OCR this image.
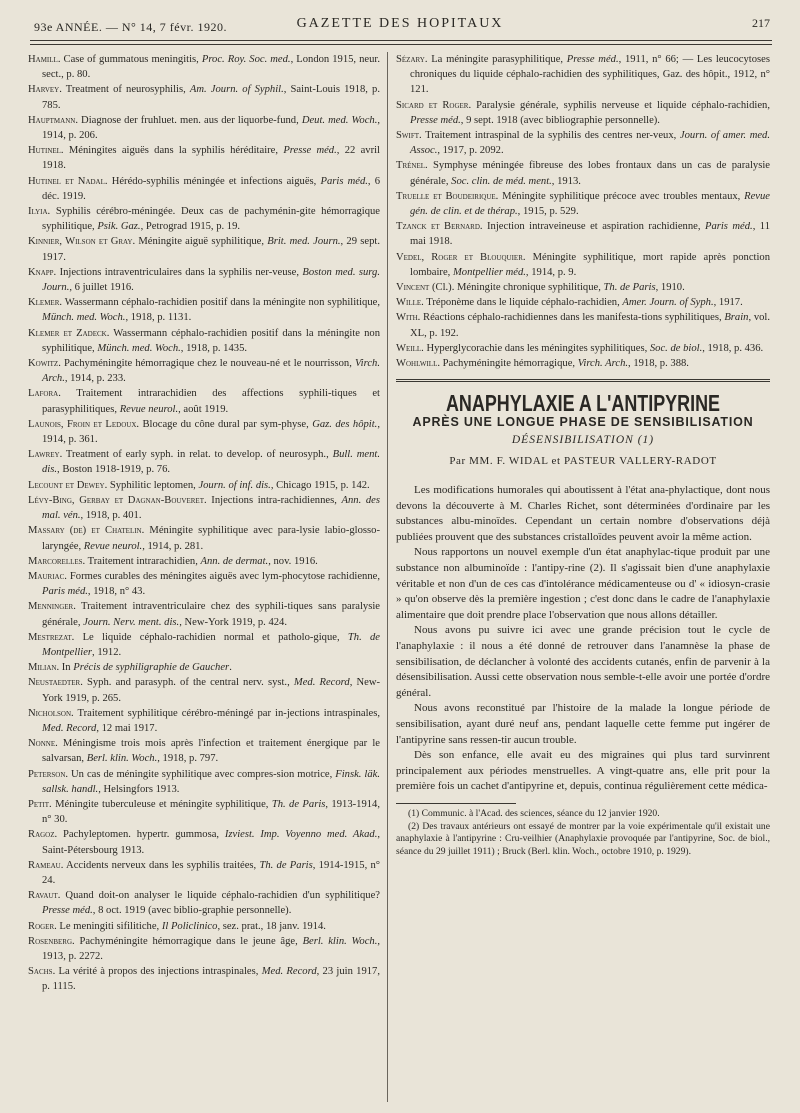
93e ANNÉE. — N° 14, 7 févr. 1920.	GAZETTE DES HOPITAUX	217

Hamill. Case of gummatous meningitis, Proc. Roy. Soc. med., London 1915, neur. sect., p. 80.

Harvey. Treatment of neurosyphilis, Am. Journ. of Syphil., Saint-Louis 1918, p. 785.

Hauptmann. Diagnose der fruhluet. men. aus der liquorbe-fund, Deut. med. Woch., 1914, p. 206.

Hutinel. Méningites aiguës dans la syphilis héréditaire, Presse méd., 22 avril 1918.

Hutinel et Nadal. Hérédo-syphilis méningée et infections aiguës, Paris méd., 6 déc. 1919.

Ilyia. Syphilis cérébro-méningée. Deux cas de pachyménin-gite hémorragique syphilitique, Psik. Gaz., Petrograd 1915, p. 19.

Kinnier, Wilson et Gray. Méningite aiguë syphilitique, Brit. med. Journ., 29 sept. 1917.

Knapp. Injections intraventriculaires dans la syphilis ner-veuse, Boston med. surg. Journ., 6 juillet 1916.

Klemer. Wassermann céphalo-rachidien positif dans la méningite non syphilitique, Münch. med. Woch., 1918, p. 1131.

Klemer et Zadeck. Wassermann céphalo-rachidien positif dans la méningite non syphilitique, Münch. med. Woch., 1918, p. 1435.

Kowitz. Pachyméningite hémorragique chez le nouveau-né et le nourrisson, Virch. Arch., 1914, p. 233.

Lafora. Traitement intrarachidien des affections syphili-tiques et parasyphilitiques, Revue neurol., août 1919.

Launois, Froin et Ledoux. Blocage du cône dural par sym-physe, Gaz. des hôpit., 1914, p. 361.

Lawrey. Treatment of early syph. in relat. to develop. of neurosyph., Bull. ment. dis., Boston 1918-1919, p. 76.

Lecount et Dewey. Syphilitic leptomen, Journ. of inf. dis., Chicago 1915, p. 142.

Lévy-Bing, Gerbay et Dagnan-Bouveret. Injections intra-rachidiennes, Ann. des mal. vén., 1918, p. 401.

Massary (de) et Chatelin. Méningite syphilitique avec para-lysie labio-glosso-laryngée, Revue neurol., 1914, p. 281.

Marcorelles. Traitement intrarachidien, Ann. de dermat., nov. 1916.

Mauriac. Formes curables des méningites aiguës avec lym-phocytose rachidienne, Paris méd., 1918, n° 43.

Menninger. Traitement intraventriculaire chez des syphili-tiques sans paralysie générale, Journ. Nerv. ment. dis., New-York 1919, p. 424.

Mestrezat. Le liquide céphalo-rachidien normal et patholo-gique, Th. de Montpellier, 1912.

Milian. In Précis de syphiligraphie de Gaucher.

Neustaedter. Syph. and parasyph. of the central nerv. syst., Med. Record, New-York 1919, p. 265.

Nicholson. Traitement syphilitique cérébro-méningé par in-jections intraspinales, Med. Record, 12 mai 1917.

Nonne. Méningisme trois mois après l'infection et traitement énergique par le salvarsan, Berl. klin. Woch., 1918, p. 797.

Peterson. Un cas de méningite syphilitique avec compres-sion motrice, Finsk. läk. sallsk. handl., Helsingfors 1913.

Petit. Méningite tuberculeuse et méningite syphilitique, Th. de Paris, 1913-1914, n° 30.

Ragoz. Pachyleptomen. hypertr. gummosa, Izviest. Imp. Voyenno med. Akad., Saint-Pétersbourg 1913.

Rameau. Accidents nerveux dans les syphilis traitées, Th. de Paris, 1914-1915, n° 24.

Ravaut. Quand doit-on analyser le liquide céphalo-rachidien d'un syphilitique? Presse méd., 8 oct. 1919 (avec biblio-graphie personnelle).

Roger. Le meningiti sifilitiche, Il Policlinico, sez. prat., 18 janv. 1914.

Rosenberg. Pachyméningite hémorragique dans le jeune âge, Berl. klin. Woch., 1913, p. 2272.

Sachs. La vérité à propos des injections intraspinales, Med. Record, 23 juin 1917, p. 1115.

Sézary. La méningite parasyphilitique, Presse méd., 1911, n° 66; — Les leucocytoses chroniques du liquide céphalo-rachidien des syphilitiques, Gaz. des hôpit., 1912, n° 121.

Sicard et Roger. Paralysie générale, syphilis nerveuse et liquide céphalo-rachidien, Presse méd., 9 sept. 1918 (avec bibliographie personnelle).

Swift. Traitement intraspinal de la syphilis des centres ner-veux, Journ. of amer. med. Assoc., 1917, p. 2092.

Trénel. Symphyse méningée fibreuse des lobes frontaux dans un cas de paralysie générale, Soc. clin. de méd. ment., 1913.

Truelle et Boudeirique. Méningite syphilitique précoce avec troubles mentaux, Revue gén. de clin. et de thérap., 1915, p. 529.

Tzanck et Bernard. Injection intraveineuse et aspiration rachidienne, Paris méd., 11 mai 1918.

Vedel, Roger et Blouquier. Méningite syphilitique, mort rapide après ponction lombaire, Montpellier méd., 1914, p. 9.

Vincent (Cl.). Méningite chronique syphilitique, Th. de Paris, 1910.

Wille. Tréponème dans le liquide céphalo-rachidien, Amer. Journ. of Syph., 1917.

With. Réactions céphalo-rachidiennes dans les manifesta-tions syphilitiques, Brain, vol. XL, p. 192.

Weill. Hyperglycorachie dans les méningites syphilitiques, Soc. de biol., 1918, p. 436.

Wohlwill. Pachyméningite hémorragique, Virch. Arch., 1918, p. 388.

ANAPHYLAXIE A L'ANTIPYRINE
APRÈS UNE LONGUE PHASE DE SENSIBILISATION
DÉSENSIBILISATION (1)
Par MM. F. WIDAL et PASTEUR VALLERY-RADOT

Les modifications humorales qui aboutissent à l'état ana-phylactique, dont nous devons la découverte à M. Charles Richet, sont déterminées d'ordinaire par les substances albu-minoïdes. Cependant un certain nombre d'observations déjà publiées prouvent que des substances cristalloïdes peuvent avoir la même action.

Nous rapportons un nouvel exemple d'un état anaphylac-tique produit par une substance non albuminoïde : l'antipy-rine (2). Il s'agissait bien d'une anaphylaxie véritable et non d'un de ces cas d'intolérance médicamenteuse ou d' « idiosyn-crasie » qu'on observe dès la première ingestion ; c'est donc dans le cadre de l'anaphylaxie alimentaire que doit prendre place l'observation que nous allons détailler.

Nous avons pu suivre ici avec une grande précision tout le cycle de l'anaphylaxie : il nous a été donné de retrouver dans l'anamnèse la phase de sensibilisation, de déclancher à volonté des accidents cutanés, enfin de parvenir à la désensibilisation. Aussi cette observation nous semble-t-elle avoir une portée d'ordre général.

Nous avons reconstitué par l'histoire de la malade la longue période de sensibilisation, ayant duré neuf ans, pendant laquelle cette femme put ingérer de l'antipyrine sans ressen-tir aucun trouble.

Dès son enfance, elle avait eu des migraines qui plus tard survinrent principalement aux périodes menstruelles. A vingt-quatre ans, elle prit pour la première fois un cachet d'antipyrine et, depuis, continua régulièrement cette médica-

(1) Communic. à l'Acad. des sciences, séance du 12 janvier 1920.

(2) Des travaux antérieurs ont essayé de montrer par la voie expérimentale qu'il existait une anaphylaxie à l'antipyrine : Cru-veilhier (Anaphylaxie provoquée par l'antipyrine, Soc. de biol., séance du 29 juillet 1911) ; Bruck (Berl. klin. Woch., octobre 1910, p. 1929).
